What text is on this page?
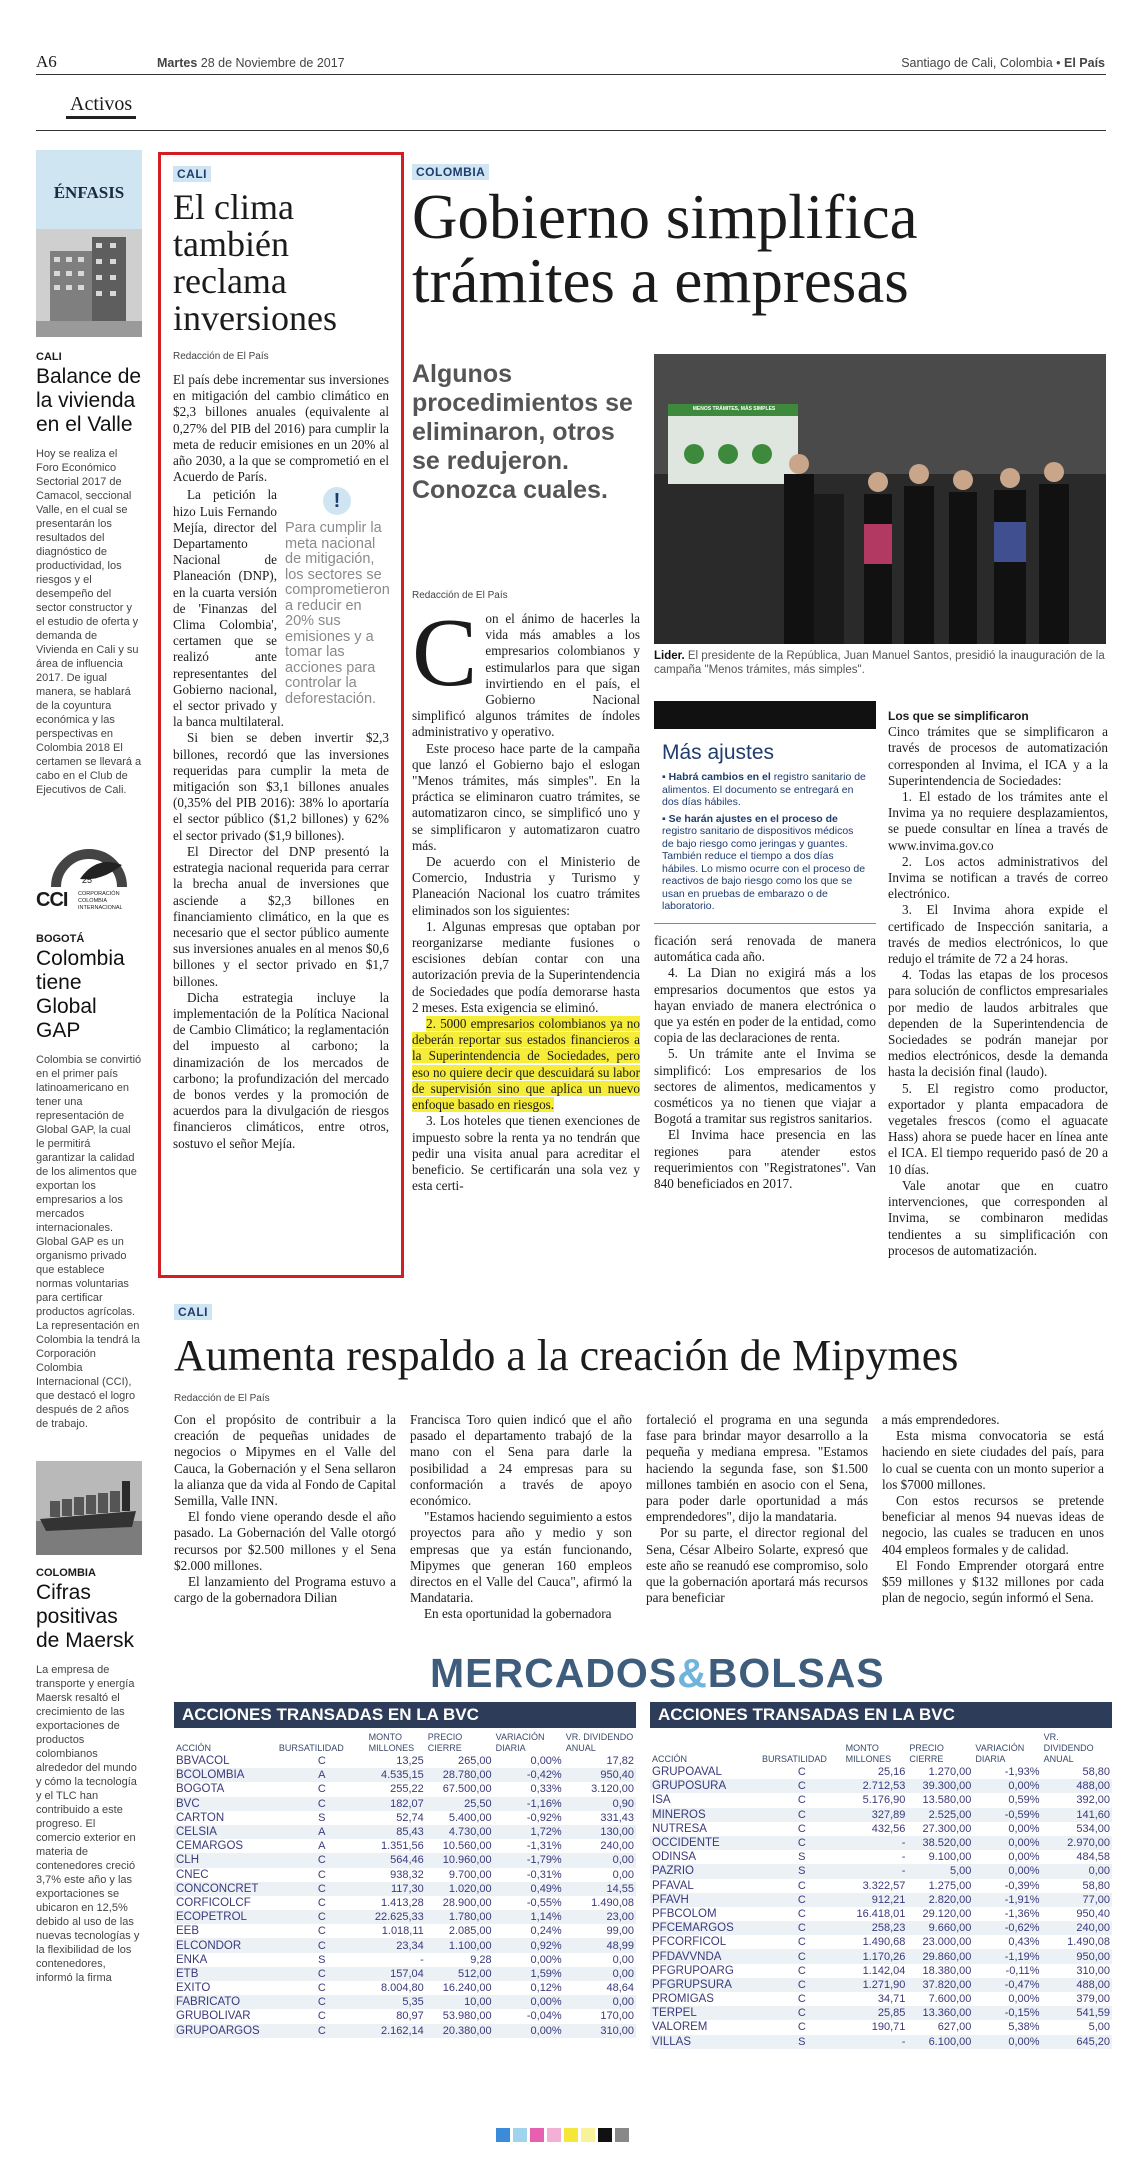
A6	Martes 28 de Noviembre de 2017	Santiago de Cali, Colombia • El País
Activos
ÉNFASIS
CALI
Balance de la vivienda en el Valle
Hoy se realiza el Foro Económico Sectorial 2017 de Camacol, seccional Valle, en el cual se presentarán los resultados del diagnóstico de productividad, los riesgos y el desempeño del sector constructor y el estudio de oferta y demanda de Vivienda en Cali y su área de influencia 2017. De igual manera, se hablará de la coyuntura económica y las perspectivas en Colombia 2018 El certamen se llevará a cabo en el Club de Ejecutivos de Cali.
25
CCI CORPORACIÓN COLOMBIA INTERNACIONAL
BOGOTÁ
Colombia tiene Global GAP
Colombia se convirtió en el primer país latinoamericano en tener una representación de Global GAP, la cual le permitirá garantizar la calidad de los alimentos que exportan los empresarios a los mercados internacionales. Global GAP es un organismo privado que establece normas voluntarias para certificar productos agrícolas. La representación en Colombia la tendrá la Corporación Colombia Internacional (CCI), que destacó el logro después de 2 años de trabajo.
COLOMBIA
Cifras positivas de Maersk
La empresa de transporte y energía Maersk resaltó el crecimiento de las exportaciones de productos colombianos alrededor del mundo y cómo la tecnología y el TLC han contribuido a este progreso. El comercio exterior en materia de contenedores creció 3,7% este año y las exportaciones se ubicaron en 12,5% debido al uso de las nuevas tecnologías y la flexibilidad de los contenedores, informó la firma
CALI
El clima también reclama inversiones
Redacción de El País

El país debe incrementar sus inversiones en mitigación del cambio climático en $2,3 billones anuales (equivalente al 0,27% del PIB del 2016) para cumplir la meta de reducir emisiones en un 20% al año 2030, a la que se comprometió en el Acuerdo de París.

!
Para cumplir la meta nacional de mitigación, los sectores se comprometieron a reducir en 20% sus emisiones y a tomar las acciones para controlar la deforestación.

La petición la hizo Luis Fernando Mejía, director del Departamento Nacional de Planeación (DNP), en la cuarta versión de 'Finanzas del Clima Colombia', certamen que se realizó ante representantes del Gobierno nacional, el sector privado y la banca multilateral.

Si bien se deben invertir $2,3 billones, recordó que las inversiones requeridas para cumplir la meta de mitigación son $3,1 billones anuales (0,35% del PIB 2016): 38% lo aportaría el sector público ($1,2 billones) y 62% el sector privado ($1,9 billones).

El Director del DNP presentó la estrategia nacional requerida para cerrar la brecha anual de inversiones que asciende a $2,3 billones en financiamiento climático, en la que es necesario que el sector público aumente sus inversiones anuales en al menos $0,6 billones y el sector privado en $1,7 billones.

Dicha estrategia incluye la implementación de la Política Nacional de Cambio Climático; la reglamentación del impuesto al carbono; la dinamización de los mercados de carbono; la profundización del mercado de bonos verdes y la promoción de acuerdos para la divulgación de riesgos financieros climáticos, entre otros, sostuvo el señor Mejía.

COLOMBIA
Gobierno simplifica trámites a empresas
Algunos procedimientos se eliminaron, otros se redujeron. Conozca cuales.
MENOS TRÁMITES, MÁS SIMPLES
Lider. El presidente de la República, Juan Manuel Santos, presidió la inauguración de la campaña "Menos trámites, más simples".
Redacción de El País
C on el ánimo de hacerles la vida más amables a los empresarios colombianos y estimularlos para que sigan invirtiendo en el país, el Gobierno Nacional simplificó algunos trámites de índoles administrativo y operativo.

Este proceso hace parte de la campaña que lanzó el Gobierno bajo el eslogan "Menos trámites, más simples". En la práctica se eliminaron cuatro trámites, se automatizaron cinco, se simplificó uno y se simplificaron y automatizaron cuatro más.

De acuerdo con el Ministerio de Comercio, Industria y Turismo y Planeación Nacional los cuatro trámites eliminados son los siguientes:

1. Algunas empresas que optaban por reorganizarse mediante fusiones o escisiones debían contar con una autorización previa de la Superintendencia de Sociedades que podía demorarse hasta 2 meses. Esta exigencia se eliminó.

2. 5000 empresarios colombianos ya no deberán reportar sus estados financieros a la Superintendencia de Sociedades, pero eso no quiere decir que descuidará su labor de supervisión sino que aplica un nuevo enfoque basado en riesgos.

3. Los hoteles que tienen exenciones de impuesto sobre la renta ya no tendrán que pedir una visita anual para acreditar el beneficio. Se certificarán una sola vez y esta certi-

Más ajustes
▪ Habrá cambios en el registro sanitario de alimentos. El documento se entregará en dos días hábiles.
▪ Se harán ajustes en el proceso de registro sanitario de dispositivos médicos de bajo riesgo como jeringas y guantes. También reduce el tiempo a dos días hábiles. Lo mismo ocurre con el proceso de reactivos de bajo riesgo como los que se usan en pruebas de embarazo o de laboratorio.

ficación será renovada de manera automática cada año.

4. La Dian no exigirá más a los empresarios documentos que estos ya hayan enviado de manera electrónica o que ya estén en poder de la entidad, como copia de las declaraciones de renta.

5. Un trámite ante el Invima se simplificó: Los empresarios de los sectores de alimentos, medicamentos y cosméticos ya no tienen que viajar a Bogotá a tramitar sus registros sanitarios.

El Invima hace presencia en las regiones para atender estos requerimientos con "Registratones". Van 840 beneficiados en 2017.

Los que se simplificaron

Cinco trámites que se simplificaron a través de procesos de automatización corresponden al Invima, el ICA y a la Superintendencia de Sociedades:

1. El estado de los trámites ante el Invima ya no requiere desplazamientos, se puede consultar en línea a través de www.invima.gov.co

2. Los actos administrativos del Invima se notifican a través de correo electrónico.

3. El Invima ahora expide el certificado de Inspección sanitaria, a través de medios electrónicos, lo que redujo el trámite de 72 a 24 horas.

4. Todas las etapas de los procesos para solución de conflictos empresariales por medio de laudos arbitrales que dependen de la Superintendencia de Sociedades se podrán manejar por medios electrónicos, desde la demanda hasta la decisión final (laudo).

5. El registro como productor, exportador y planta empacadora de vegetales frescos (como el aguacate Hass) ahora se puede hacer en línea ante el ICA. El tiempo requerido pasó de 20 a 10 días.

Vale anotar que en cuatro intervenciones, que corresponden al Invima, se combinaron medidas tendientes a su simplificación con procesos de automatización.

CALI
Aumenta respaldo a la creación de Mipymes
Redacción de El País

Con el propósito de contribuir a la creación de pequeñas unidades de negocios o Mipymes en el Valle del Cauca, la Gobernación y el Sena sellaron la alianza que da vida al Fondo de Capital Semilla, Valle INN.

El fondo viene operando desde el año pasado. La Gobernación del Valle otorgó recursos por $2.500 millones y el Sena $2.000 millones.

El lanzamiento del Programa estuvo a cargo de la gobernadora Dilian

Francisca Toro quien indicó que el año pasado el departamento trabajó de la mano con el Sena para darle la posibilidad a 24 empresas para su conformación a través de apoyo económico.

"Estamos haciendo seguimiento a estos proyectos para año y medio y son empresas que ya están funcionando, Mipymes que generan 160 empleos directos en el Valle del Cauca", afirmó la Mandataria.

En esta oportunidad la gobernadora

fortaleció el programa en una segunda fase para brindar mayor desarrollo a la pequeña y mediana empresa. "Estamos haciendo la segunda fase, son $1.500 millones también en asocio con el Sena, para poder darle oportunidad a más emprendedores", dijo la mandataria.

Por su parte, el director regional del Sena, César Albeiro Solarte, expresó que este año se reanudó ese compromiso, solo que la gobernación aportará más recursos para beneficiar

a más emprendedores.

Esta misma convocatoria se está haciendo en siete ciudades del país, para lo cual se cuenta con un monto superior a los $7000 millones.

Con estos recursos se pretende beneficiar al menos 94 nuevas ideas de negocio, las cuales se traducen en unos 404 empleos formales y de calidad.

El Fondo Emprender otorgará entre $59 millones y $132 millones por cada plan de negocio, según informó el Sena.

MERCADOS&BOLSAS
ACCIONES TRANSADAS EN LA BVC
ACCIÓN	BURSATILIDAD	MONTO MILLONES	PRECIO CIERRE	VARIACIÓN DIARIA	VR. DIVIDENDO ANUAL
BBVACOL	C	13,25	265,00	0,00%	17,82
BCOLOMBIA	A	4.535,15	28.780,00	-0,42%	950,40
BOGOTA	C	255,22	67.500,00	0,33%	3.120,00
BVC	C	182,07	25,50	-1,16%	0,90
CARTON	S	52,74	5.400,00	-0,92%	331,43
CELSIA	A	85,43	4.730,00	1,72%	130,00
CEMARGOS	A	1.351,56	10.560,00	-1,31%	240,00
CLH	C	564,46	10.960,00	-1,79%	0,00
CNEC	C	938,32	9.700,00	-0,31%	0,00
CONCONCRET	C	117,30	1.020,00	0,49%	14,55
CORFICOLCF	C	1.413,28	28.900,00	-0,55%	1.490,08
ECOPETROL	C	22.625,33	1.780,00	1,14%	23,00
EEB	C	1.018,11	2.085,00	0,24%	99,00
ELCONDOR	C	23,34	1.100,00	0,92%	48,99
ENKA	S	-	9,28	0,00%	0,00
ETB	C	157,04	512,00	1,59%	0,00
EXITO	C	8.004,80	16.240,00	0,12%	48,64
FABRICATO	C	5,35	10,00	0,00%	0,00
GRUBOLIVAR	C	80,97	53.980,00	-0,04%	170,00
GRUPOARGOS	C	2.162,14	20.380,00	0,00%	310,00
ACCIONES TRANSADAS EN LA BVC
ACCIÓN	BURSATILIDAD	MONTO MILLONES	PRECIO CIERRE	VARIACIÓN DIARIA	VR. DIVIDENDO ANUAL
GRUPOAVAL	C	25,16	1.270,00	-1,93%	58,80
GRUPOSURA	C	2.712,53	39.300,00	0,00%	488,00
ISA	C	5.176,90	13.580,00	0,59%	392,00
MINEROS	C	327,89	2.525,00	-0,59%	141,60
NUTRESA	C	432,56	27.300,00	0,00%	534,00
OCCIDENTE	C	-	38.520,00	0,00%	2.970,00
ODINSA	S	-	9.100,00	0,00%	484,58
PAZRIO	S	-	5,00	0,00%	0,00
PFAVAL	C	3.322,57	1.275,00	-0,39%	58,80
PFAVH	C	912,21	2.820,00	-1,91%	77,00
PFBCOLOM	C	16.418,01	29.120,00	-1,36%	950,40
PFCEMARGOS	C	258,23	9.660,00	-0,62%	240,00
PFCORFICOL	C	1.490,68	23.000,00	0,43%	1.490,08
PFDAVVNDA	C	1.170,26	29.860,00	-1,19%	950,00
PFGRUPOARG	C	1.142,04	18.380,00	-0,11%	310,00
PFGRUPSURA	C	1.271,90	37.820,00	-0,47%	488,00
PROMIGAS	C	34,71	7.600,00	0,00%	379,00
TERPEL	C	25,85	13.360,00	-0,15%	541,59
VALOREM	C	190,71	627,00	5,38%	5,00
VILLAS	S	-	6.100,00	0,00%	645,20
